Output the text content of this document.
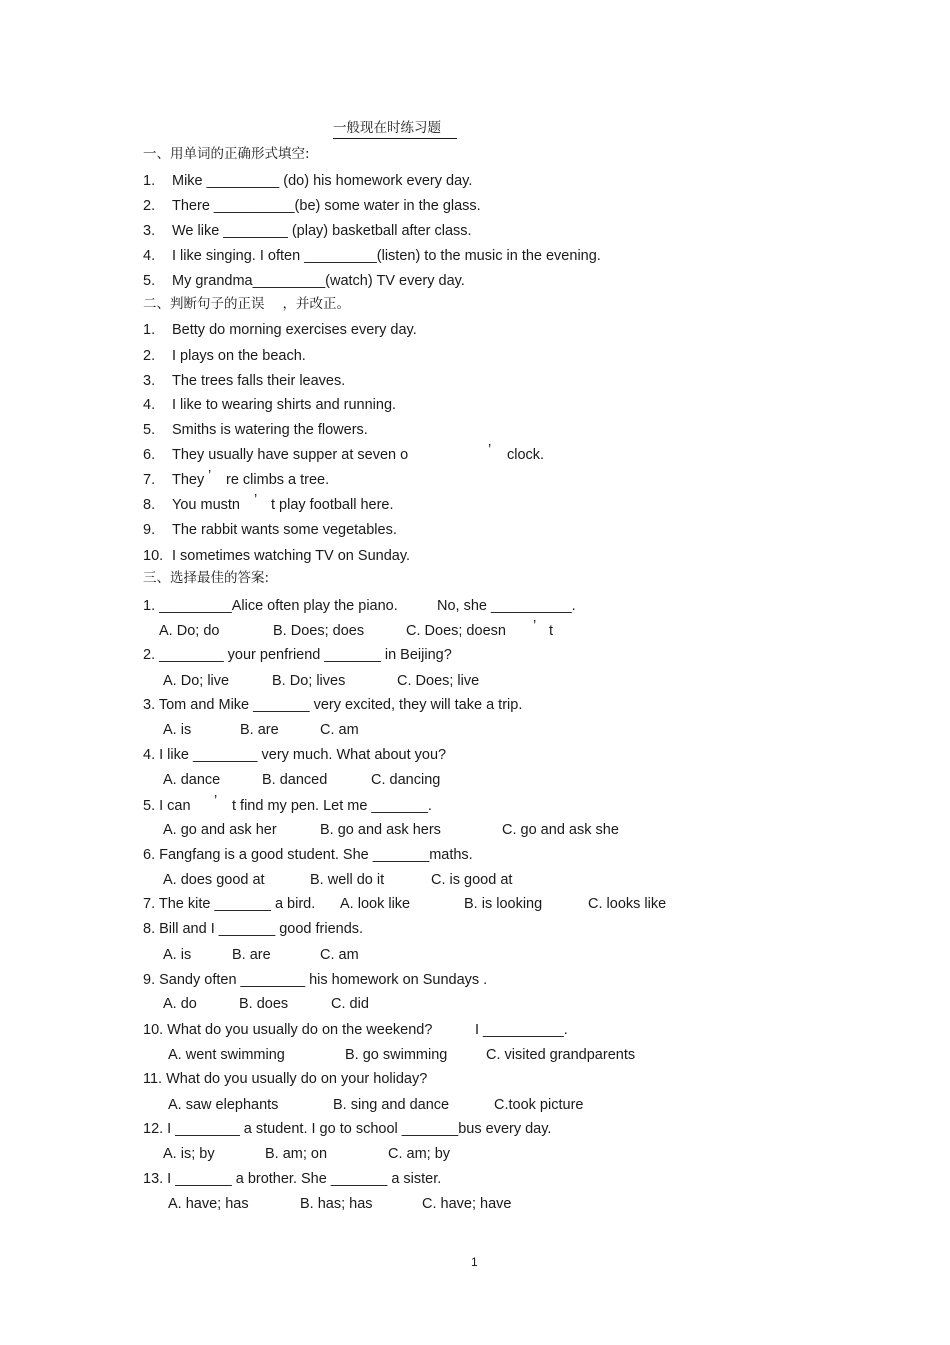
一般现在时练习题
一、用单词的正确形式填空:
1. Mike _________ (do) his homework every day.
2. There __________(be) some water in the glass.
3. We like ________ (play) basketball after class.
4. I like singing. I often _________(listen) to the music in the evening.
5. My grandma_________(watch) TV every day.
二、判断句子的正误 ，并改正。
1. Betty do morning exercises every day.
2. I plays on the beach.
3. The trees falls their leaves.
4. I like to wearing shirts and running.
5. Smiths is watering the flowers.
6. They usually have supper at seven o	’ clock.
7. They ’ re climbs a tree.
8. You mustn ’ t play football here.
9. The rabbit wants some vegetables.
10. I sometimes watching TV on Sunday.
三、选择最佳的答案:
1. _________Alice often play the piano.	No, she __________.
A. Do; do	B. Does; does	C. Does; doesn ’ t
2. ________ your penfriend _______ in Beijing?
A. Do; live	B. Do; lives	C. Does; live
3. Tom and Mike _______ very excited, they will take a trip.
A. is	B. are	C. am
4. I like ________ very much. What about you?
A. dance	B. danced	C. dancing
5. I can ’ t find my pen. Let me _______.
A. go and ask her	B. go and ask hers	C. go and ask she
6. Fangfang is a good student. She _______maths.
A. does good at	B. well do it	C. is good at
7. The kite _______ a bird. A. look like	B. is looking	C. looks like
8. Bill and I _______ good friends.
A. is	B. are	C. am
9. Sandy often ________ his homework on Sundays .
A. do	B. does	C. did
10. What do you usually do on the weekend?	I __________.
A. went swimming	B. go swimming	C. visited grandparents
11. What do you usually do on your holiday?
A. saw elephants	B. sing and dance	C.took picture
12. I ________ a student. I go to school _______bus every day.
A. is; by	B. am; on	C. am; by
13. I _______ a brother. She _______ a sister.
A. have; has	B. has; has	C. have; have
1
